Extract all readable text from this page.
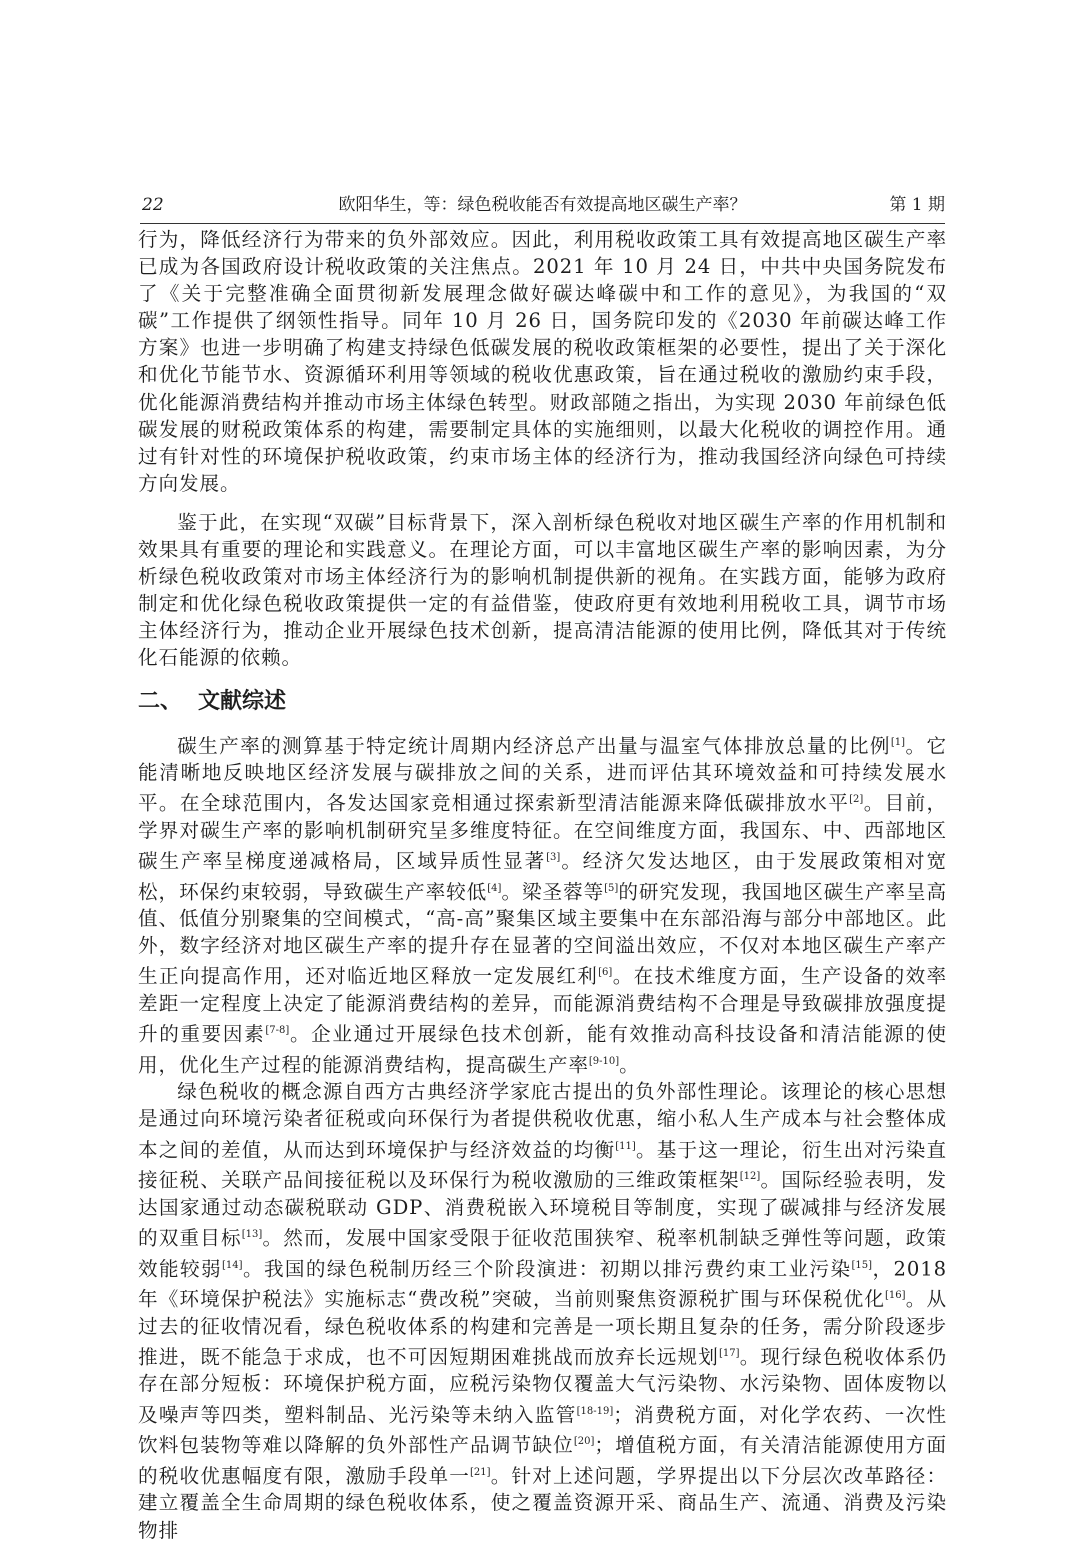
22	欧阳华生，等：绿色税收能否有效提高地区碳生产率？	第 1 期

行为，降低经济行为带来的负外部效应。因此，利用税收政策工具有效提高地区碳生产率已成为各国政府设计税收政策的关注焦点。2021 年 10 月 24 日，中共中央国务院发布了《关于完整准确全面贯彻新发展理念做好碳达峰碳中和工作的意见》，为我国的“双碳”工作提供了纲领性指导。同年 10 月 26 日，国务院印发的《2030 年前碳达峰工作方案》也进一步明确了构建支持绿色低碳发展的税收政策框架的必要性，提出了关于深化和优化节能节水、资源循环利用等领域的税收优惠政策，旨在通过税收的激励约束手段，优化能源消费结构并推动市场主体绿色转型。财政部随之指出，为实现 2030 年前绿色低碳发展的财税政策体系的构建，需要制定具体的实施细则，以最大化税收的调控作用。通过有针对性的环境保护税收政策，约束市场主体的经济行为，推动我国经济向绿色可持续方向发展。

鉴于此，在实现“双碳”目标背景下，深入剖析绿色税收对地区碳生产率的作用机制和效果具有重要的理论和实践意义。在理论方面，可以丰富地区碳生产率的影响因素，为分析绿色税收政策对市场主体经济行为的影响机制提供新的视角。在实践方面，能够为政府制定和优化绿色税收政策提供一定的有益借鉴，使政府更有效地利用税收工具，调节市场主体经济行为，推动企业开展绿色技术创新，提高清洁能源的使用比例，降低其对于传统化石能源的依赖。

二、 文献综述

碳生产率的测算基于特定统计周期内经济总产出量与温室气体排放总量的比例[1]。它能清晰地反映地区经济发展与碳排放之间的关系，进而评估其环境效益和可持续发展水平。在全球范围内，各发达国家竞相通过探索新型清洁能源来降低碳排放水平[2]。目前，学界对碳生产率的影响机制研究呈多维度特征。在空间维度方面，我国东、中、西部地区碳生产率呈梯度递减格局，区域异质性显著[3]。经济欠发达地区，由于发展政策相对宽松，环保约束较弱，导致碳生产率较低[4]。梁圣蓉等[5]的研究发现，我国地区碳生产率呈高值、低值分别聚集的空间模式，“高-高”聚集区域主要集中在东部沿海与部分中部地区。此外，数字经济对地区碳生产率的提升存在显著的空间溢出效应，不仅对本地区碳生产率产生正向提高作用，还对临近地区释放一定发展红利[6]。在技术维度方面，生产设备的效率差距一定程度上决定了能源消费结构的差异，而能源消费结构不合理是导致碳排放强度提升的重要因素[7-8]。企业通过开展绿色技术创新，能有效推动高科技设备和清洁能源的使用，优化生产过程的能源消费结构，提高碳生产率[9-10]。

绿色税收的概念源自西方古典经济学家庇古提出的负外部性理论。该理论的核心思想是通过向环境污染者征税或向环保行为者提供税收优惠，缩小私人生产成本与社会整体成本之间的差值，从而达到环境保护与经济效益的均衡[11]。基于这一理论，衍生出对污染直接征税、关联产品间接征税以及环保行为税收激励的三维政策框架[12]。国际经验表明，发达国家通过动态碳税联动 GDP、消费税嵌入环境税目等制度，实现了碳减排与经济发展的双重目标[13]。然而，发展中国家受限于征收范围狭窄、税率机制缺乏弹性等问题，政策效能较弱[14]。我国的绿色税制历经三个阶段演进：初期以排污费约束工业污染[15]，2018 年《环境保护税法》实施标志“费改税”突破，当前则聚焦资源税扩围与环保税优化[16]。从过去的征收情况看，绿色税收体系的构建和完善是一项长期且复杂的任务，需分阶段逐步推进，既不能急于求成，也不可因短期困难挑战而放弃长远规划[17]。现行绿色税收体系仍存在部分短板：环境保护税方面，应税污染物仅覆盖大气污染物、水污染物、固体废物以及噪声等四类，塑料制品、光污染等未纳入监管[18-19]；消费税方面，对化学农药、一次性饮料包装物等难以降解的负外部性产品调节缺位[20]；增值税方面，有关清洁能源使用方面的税收优惠幅度有限，激励手段单一[21]。针对上述问题，学界提出以下分层次改革路径：建立覆盖全生命周期的绿色税收体系，使之覆盖资源开采、商品生产、流通、消费及污染物排
